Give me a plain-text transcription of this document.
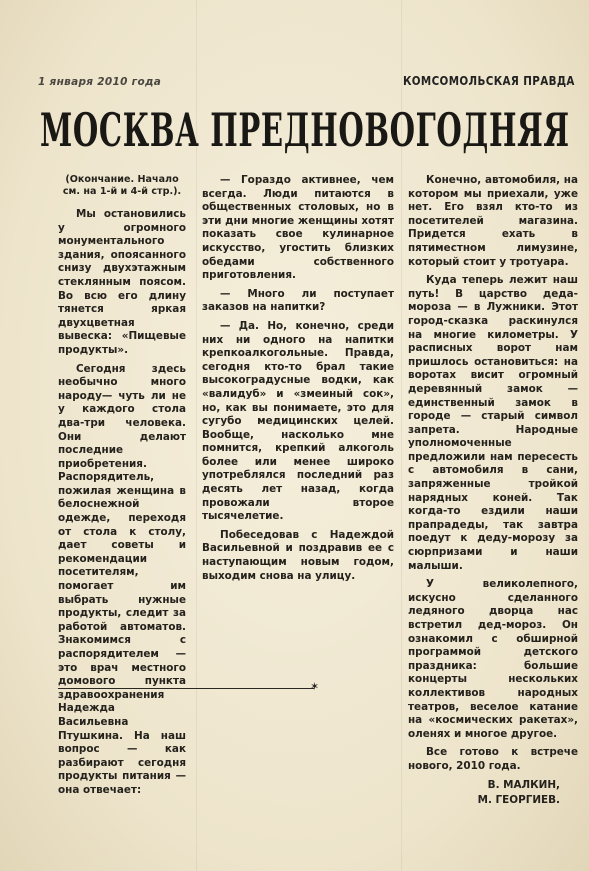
1 января 2010 года	КОМСОМОЛЬСКАЯ ПРАВДА
МОСКВА ПРЕДНОВОГОДНЯЯ

(Окончание. Начало см. на 1-й и 4-й стр.).

Мы остановились у огромного монументального здания, опоясанного снизу двухэтажным стеклянным поясом. Во всю его длину тянется яркая двухцветная вывеска: «Пищевые продукты».

Сегодня здесь необычно много народу— чуть ли не у каждого стола два-три человека. Они делают последние приобретения. Распорядитель, пожилая женщина в белоснежной одежде, переходя от стола к столу, дает советы и рекомендации посетителям, помогает им выбрать нужные продукты, следит за работой автоматов. Знакомимся с распорядителем — это врач местного домового пункта здравоохранения Надежда Васильевна Птушкина. На наш вопрос — как разбирают сегодня продукты питания — она отвечает:

— Гораздо активнее, чем всегда. Люди питаются в общественных столовых, но в эти дни многие женщины хотят показать свое кулинарное искусство, угостить близких обедами собственного приготовления.

— Много ли поступает заказов на напитки?

— Да. Но, конечно, среди них ни одного на напитки крепкоалкогольные. Правда, сегодня кто-то брал такие высокоградусные водки, как «валидуб» и «змеиный сок», но, как вы понимаете, это для сугубо медицинских целей. Вообще, насколько мне помнится, крепкий алкоголь более или менее широко употреблялся последний раз десять лет назад, когда провожали второе тысячелетие.

Побеседовав с Надеждой Васильевной и поздравив ее с наступающим новым годом, выходим снова на улицу.

✶

Конечно, автомобиля, на котором мы приехали, уже нет. Его взял кто-то из посетителей магазина. Придется ехать в пятиместном лимузине, который стоит у тротуара.

Куда теперь лежит наш путь! В царство деда-мороза — в Лужники. Этот город-сказка раскинулся на многие километры. У расписных ворот нам пришлось остановиться: на воротах висит огромный деревянный замок — единственный замок в городе — старый символ запрета. Народные уполномоченные предложили нам пересесть с автомобиля в сани, запряженные тройкой нарядных коней. Так когда-то ездили наши прапрадеды, так завтра поедут к деду-морозу за сюрпризами и наши малыши.

У великолепного, искусно сделанного ледяного дворца нас встретил дед-мороз. Он ознакомил с обширной программой детского праздника: большие концерты нескольких коллективов народных театров, веселое катание на «космических ракетах», оленях и многое другое.

Все готово к встрече нового, 2010 года.

В. МАЛКИН,

М. ГЕОРГИЕВ.
